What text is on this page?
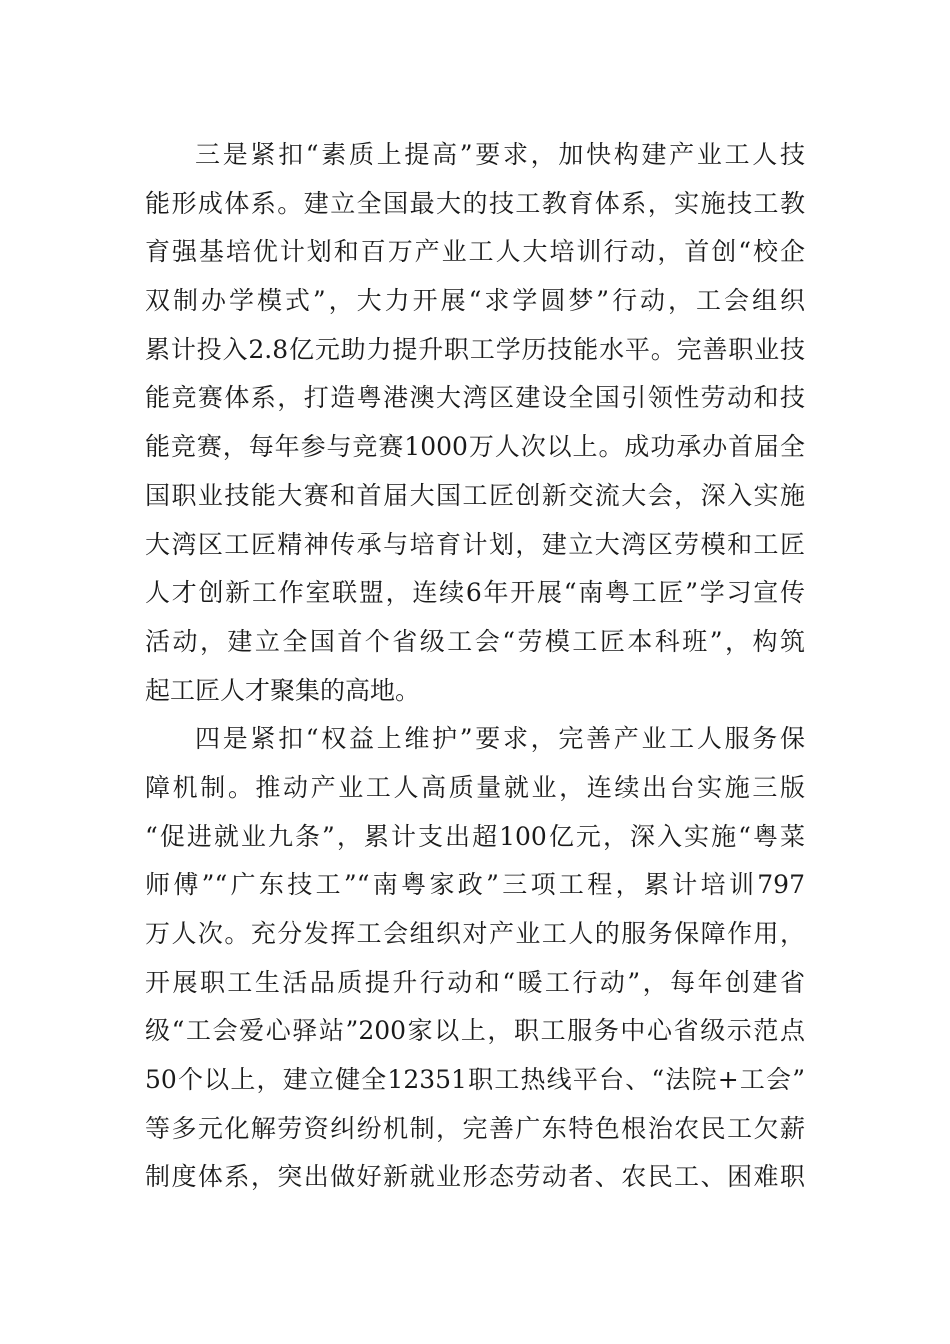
三是紧扣“素质上提高”要求，加快构建产业工人技
能形成体系。建立全国最大的技工教育体系，实施技工教
育强基培优计划和百万产业工人大培训行动，首创“校企
双制办学模式”，大力开展“求学圆梦”行动，工会组织
累计投入2.8亿元助力提升职工学历技能水平。完善职业技
能竞赛体系，打造粤港澳大湾区建设全国引领性劳动和技
能竞赛，每年参与竞赛1000万人次以上。成功承办首届全
国职业技能大赛和首届大国工匠创新交流大会，深入实施
大湾区工匠精神传承与培育计划，建立大湾区劳模和工匠
人才创新工作室联盟，连续6年开展“南粤工匠”学习宣传
活动，建立全国首个省级工会“劳模工匠本科班”，构筑
起工匠人才聚集的高地。
四是紧扣“权益上维护”要求，完善产业工人服务保
障机制。推动产业工人高质量就业，连续出台实施三版
“促进就业九条”，累计支出超100亿元，深入实施“粤菜
师傅”“广东技工”“南粤家政”三项工程，累计培训797
万人次。充分发挥工会组织对产业工人的服务保障作用，
开展职工生活品质提升行动和“暖工行动”，每年创建省
级“工会爱心驿站”200家以上，职工服务中心省级示范点
50个以上，建立健全12351职工热线平台、“法院+工会”
等多元化解劳资纠纷机制，完善广东特色根治农民工欠薪
制度体系，突出做好新就业形态劳动者、农民工、困难职
